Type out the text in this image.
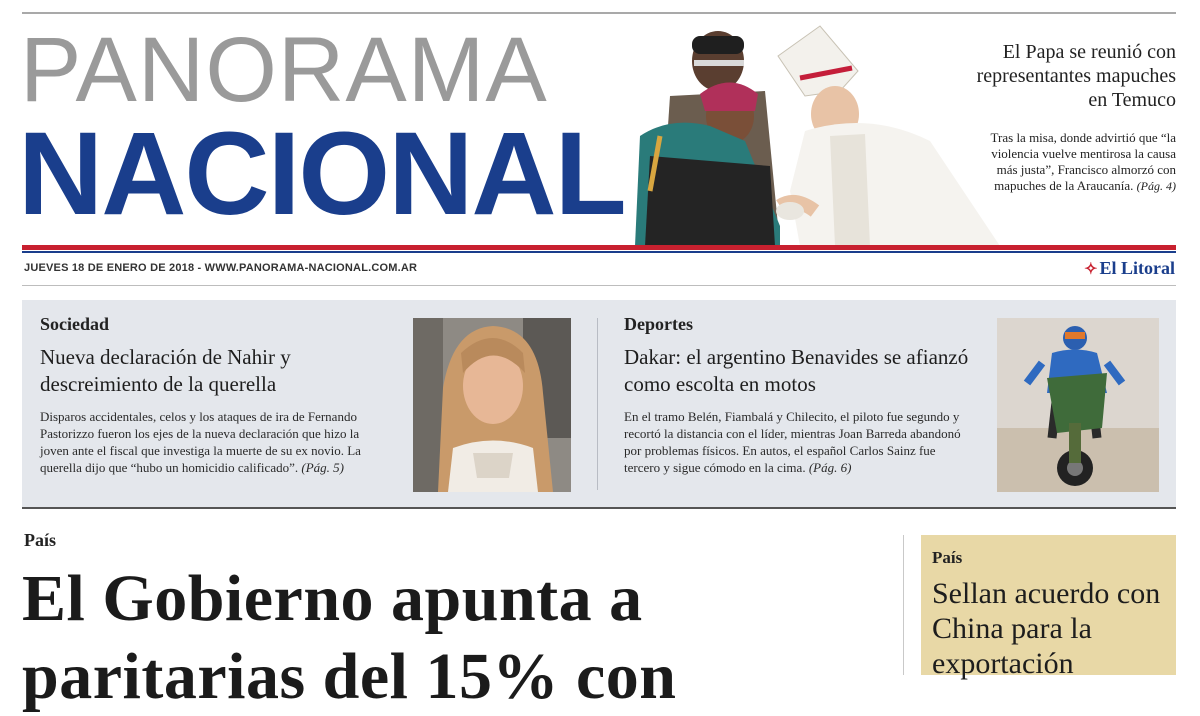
PANORAMA
NACIONAL
El Papa se reunió con representantes mapuches en Temuco
Tras la misa, donde advirtió que “la violencia vuelve mentirosa la causa más justa”, Francisco almorzó con mapuches de la Araucanía. (Pág. 4)
JUEVES 18 DE ENERO DE 2018 - WWW.PANORAMA-NACIONAL.COM.AR	✧ El Litoral
Sociedad
Nueva declaración de Nahir y descreimiento de la querella
Disparos accidentales, celos y los ataques de ira de Fernando Pastorizzo fueron los ejes de la nueva declaración que hizo la joven ante el fiscal que investiga la muerte de su ex novio. La querella dijo que “hubo un homicidio calificado”. (Pág. 5)
Deportes
Dakar: el argentino Benavides se afianzó como escolta en motos
En el tramo Belén, Fiambalá y Chilecito, el piloto fue segundo y recortó la distancia con el líder, mientras Joan Barreda abandonó por problemas físicos. En autos, el español Carlos Sainz fue tercero y sigue cómodo en la cima. (Pág. 6)
País
El Gobierno apunta a paritarias del 15% con
País
Sellan acuerdo con China para la exportación
